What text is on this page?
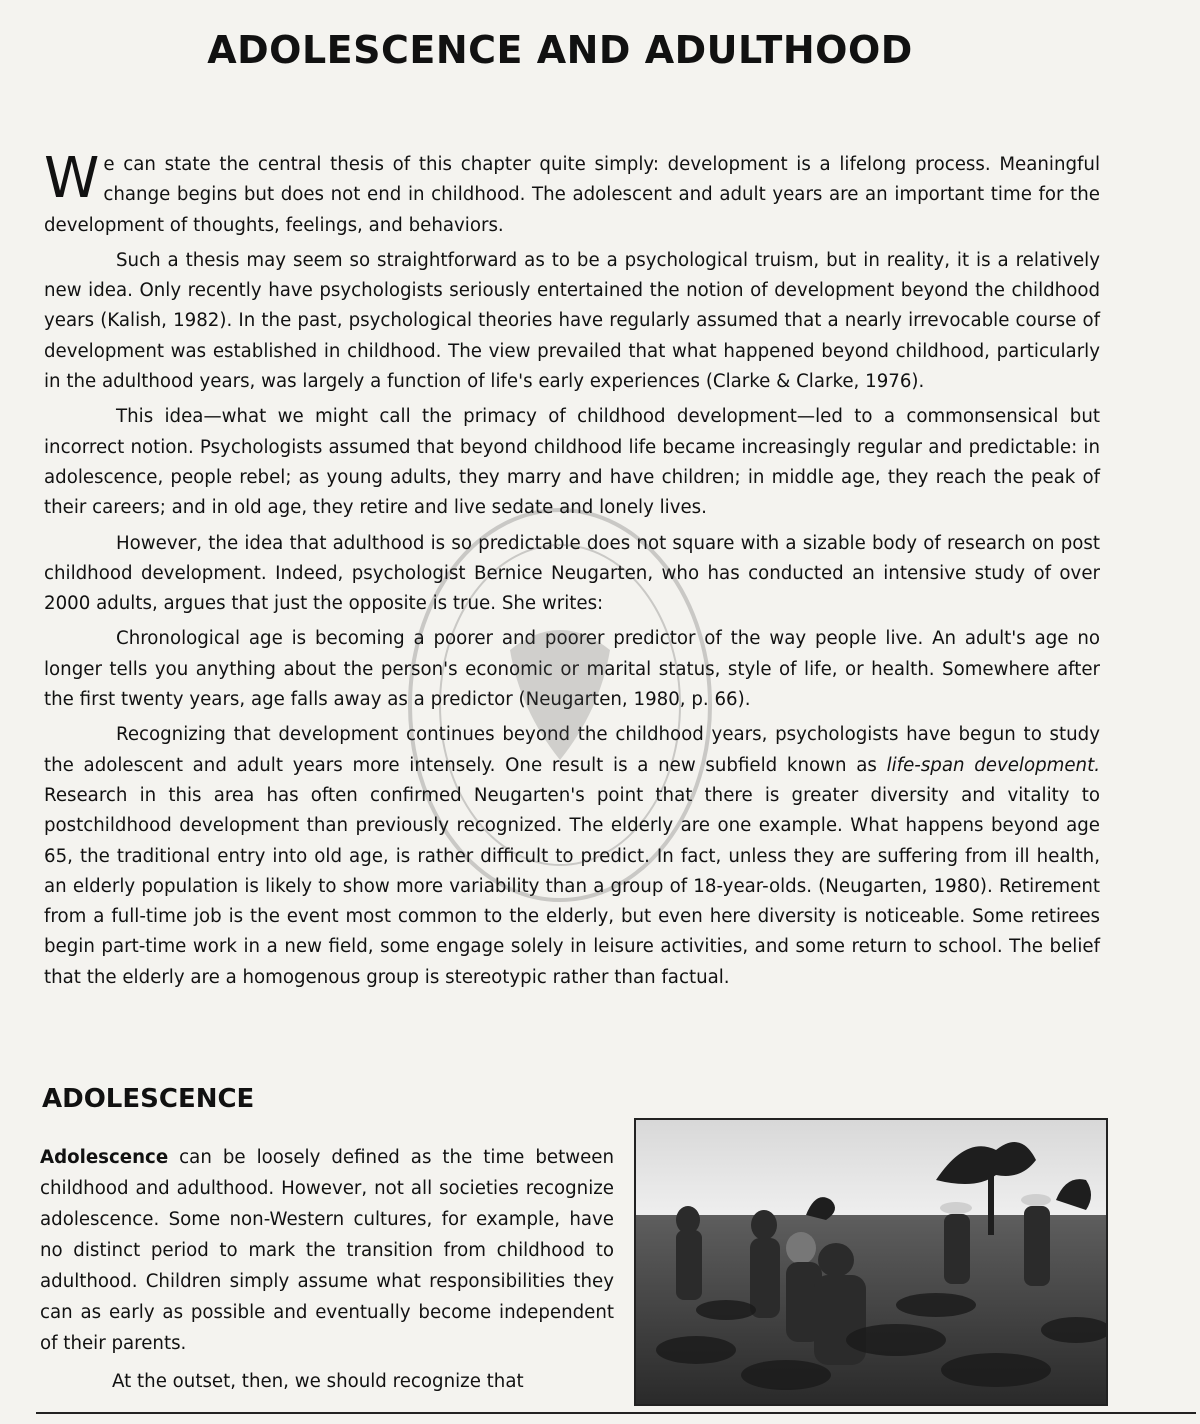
ADOLESCENCE AND ADULTHOOD

We can state the central thesis of this chapter quite simply: development is a lifelong process. Meaningful change begins but does not end in childhood. The adolescent and adult years are an important time for the development of thoughts, feelings, and behaviors.

Such a thesis may seem so straightforward as to be a psychological truism, but in reality, it is a relatively new idea. Only recently have psychologists seriously entertained the notion of development beyond the childhood years (Kalish, 1982). In the past, psychological theories have regularly assumed that a nearly irrevocable course of development was established in childhood. The view prevailed that what happened beyond childhood, particularly in the adulthood years, was largely a function of life's early experiences (Clarke & Clarke, 1976).

This idea—what we might call the primacy of childhood development—led to a commonsensical but incorrect notion. Psychologists assumed that beyond childhood life became increasingly regular and predictable: in adolescence, people rebel; as young adults, they marry and have children; in middle age, they reach the peak of their careers; and in old age, they retire and live sedate and lonely lives.

However, the idea that adulthood is so predictable does not square with a sizable body of research on post childhood development. Indeed, psychologist Bernice Neugarten, who has conducted an intensive study of over 2000 adults, argues that just the opposite is true. She writes:

Chronological age is becoming a poorer and poorer predictor of the way people live. An adult's age no longer tells you anything about the person's economic or marital status, style of life, or health. Somewhere after the first twenty years, age falls away as a predictor (Neugarten, 1980, p. 66).

Recognizing that development continues beyond the childhood years, psychologists have begun to study the adolescent and adult years more intensely. One result is a new subfield known as life-span development. Research in this area has often confirmed Neugarten's point that there is greater diversity and vitality to postchildhood development than previously recognized. The elderly are one example. What happens beyond age 65, the traditional entry into old age, is rather difficult to predict. In fact, unless they are suffering from ill health, an elderly population is likely to show more variability than a group of 18-year-olds. (Neugarten, 1980). Retirement from a full-time job is the event most common to the elderly, but even here diversity is noticeable. Some retirees begin part-time work in a new field, some engage solely in leisure activities, and some return to school. The belief that the elderly are a homogenous group is stereotypic rather than factual.

ADOLESCENCE

Adolescence can be loosely defined as the time between childhood and adulthood. However, not all societies recognize adolescence. Some non-Western cultures, for example, have no distinct period to mark the transition from childhood to adulthood. Children simply assume what responsibilities they can as early as possible and eventually become independent of their parents.

At the outset, then, we should recognize that
